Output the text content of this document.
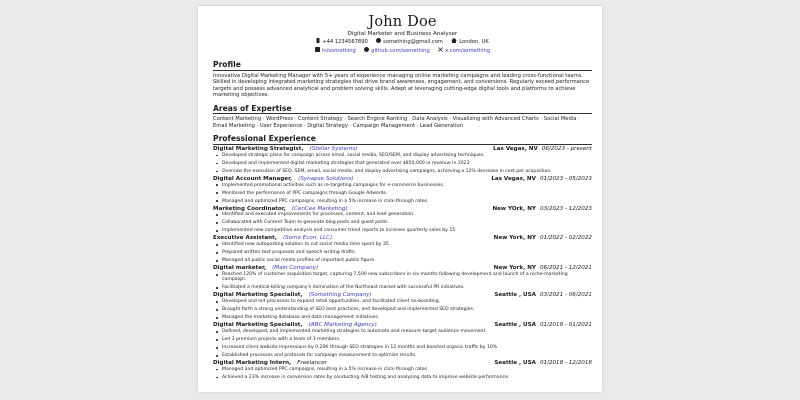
John Doe
Digital Marketer and Business Analyser
+44 1234567890	something@gmail.com	London, UK
in/something	github.com/something	x.com/something
Profile
Innovative Digital Marketing Manager with 5+ years of experience managing online marketing campaigns and leading cross-functional teams. Skilled in developing integrated marketing strategies that drive brand awareness, engagement, and conversions. Regularly exceed performance targets and possess advanced analytical and problem solving skills. Adept at leveraging cutting-edge digital tools and platforms to achieve marketing objectives.
Areas of Expertise
Content Marketing · WordPress · Content Strategy · Search Engine Ranking · Data Analysis · Visualizing with Advanced Charts · Social Media · Email Marketing · User Experience · Digital Strategy · Campaign Management · Lead Generation
Professional Experience
Digital Marketing Strategist, (Stellar Systems)	Las Vegas, NV 06/2023 - present
Developed strategic plans for campaign across email, social media, SEO/SEM, and display advertising techniques.
Developed and implemented digital marketing strategies that generated over $850,000 in revenue in 2023
Oversaw the execution of SEO, SEM, email, social media, and display advertising campaigns, achieving a 12% decrease in cost per acquisition.
Digital Account Manager, (Synapse Solutions)	Las Vegas, NV 01/2023 - 05/2023
Implemented promotional activities such as re-targeting campaigns for e-commerce businesses.
Monitored the performance of PPC campaigns through Google Adwords.
Managed and optimized PPC campaigns, resulting in a 5% increase in click-through rates.
Marketing Coordinator, (CenCee Marketing)	New YOrk, NY 03/2023 - 12/2023
Identified and executed improvements for processes, content, and lead generation.
Collaborated with Content Team to generate blog posts and guest posts.
Implemented new competitive analysis and consumer trend reports to increase quarterly sales by 15
Executive Assistant, (Some Econ, LLC)	New York, NY 01/2022 - 02/2022
Identified new autoposting solution to cut social media time spent by 35
Prepared written text proposals and speech writing drafts.
Managed all public social media profiles of important public figure.
Digital marketer, (Main Company)	New York, NY 06/2021 - 12/2021
Reached 120% of customer acquisition target, capturing 7,500 new subscribers in six months following development and launch of a niche-marketing campaign.
Facilitated a medical-billing company's domination of the Northeast market with successful PR initiatives.
Digital Marketing Specialist, (Something Company)	Seattle , USA 03/2021 - 06/2021
Developed and led processes to expand retail opportunities, and facilitated client on-boarding.
Brought forth a strong understanding of SEO best practices, and developed and implemented SEO strategies.
Managed the marketing database and data management initiatives.
Digital Marketing Specialist, (ABC Marketing Agency)	Seattle , USA 01/2019 - 01/2021
Defined, developed, and implemented marketing strategies to automate and measure target audience movement.
Led 3 premium projects with a team of 3 members.
Increased client website impressions by 0.20K through SEO strategies in 12 months and boosted organic traffic by 10%
Established processes and protocols for campaign measurement to optimize results.
Digital Marketing Intern, Freelancer	Seattle , USA 01/2018 - 12/2018
Managed and optimized PPC campaigns, resulting in a 5% increase in click-through rates.
Achieved a 23% increase in conversion rates by conducting A/B testing and analyzing data to improve website performance.
